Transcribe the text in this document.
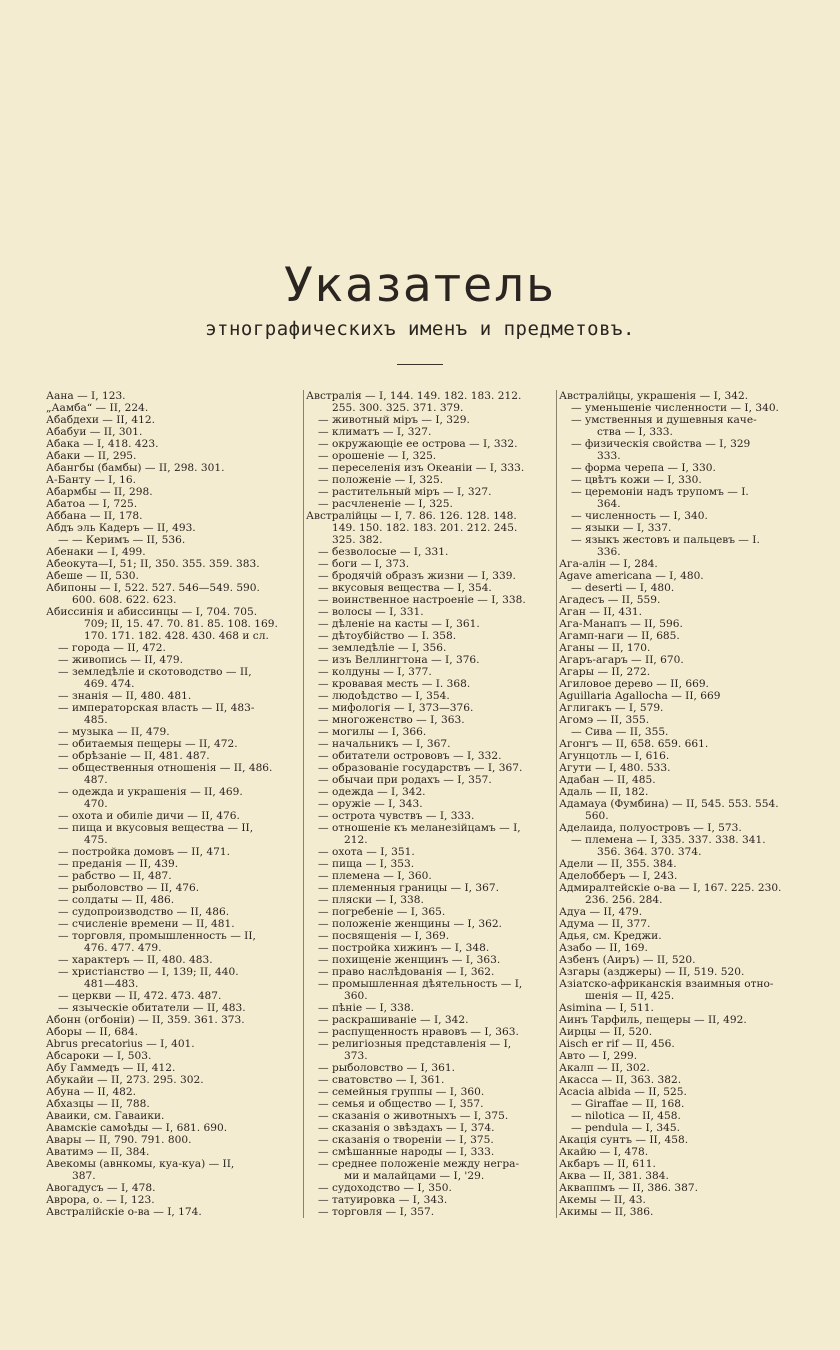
Указатель
этнографическихъ именъ и предметовъ.
Аана — I, 123.
„Аамба“ — II, 224.
Абабдехи — II, 412.
Абабуи — II, 301.
Абака — I, 418. 423.
Абаки — II, 295.
Абангбы (бамбы) — II, 298. 301.
А-Банту — I, 16.
Абармбы — II, 298.
Абатоа — I, 725.
Аббана — II, 178.
Абдъ эль Кадеръ — II, 493.
— — Керимъ — II, 536.
Абенаки — I, 499.
Абеокута—I, 51; II, 350. 355. 359. 383.
Абеше — II, 530.
Абипоны — I, 522. 527. 546—549. 590.
600. 608. 622. 623.
Абиссинія и абиссинцы — I, 704. 705.
709; II, 15. 47. 70. 81. 85. 108. 169.
170. 171. 182. 428. 430. 468 и сл.
— города — II, 472.
— живопись — II, 479.
— земледѣліе и скотоводство — II,
469. 474.
— знанія — II, 480. 481.
— императорская власть — II, 483-
485.
— музыка — II, 479.
— обитаемыя пещеры — II, 472.
— обрѣзаніе — II, 481. 487.
— общественныя отношенія — II, 486.
487.
— одежда и украшенія — II, 469.
470.
— охота и обиліе дичи — II, 476.
— пища и вкусовыя вещества — II,
475.
— постройка домовъ — II, 471.
— преданія — II, 439.
— рабство — II, 487.
— рыболовство — II, 476.
— солдаты — II, 486.
— судопроизводство — II, 486.
— счисленіе времени — II, 481.
— торговля, промышленность — II,
476. 477. 479.
— характеръ — II, 480. 483.
— христіанство — I, 139; II, 440.
481—483.
— церкви — II, 472. 473. 487.
— языческіе обитатели — II, 483.
Абонн (огбоніи) — II, 359. 361. 373.
Аборы — II, 684.
Abrus precatorius — I, 401.
Абсароки — I, 503.
Абу Гаммедъ — II, 412.
Абукайи — II, 273. 295. 302.
Абуна — II, 482.
Абхазцы — II, 788.
Аваики, см. Гаваики.
Авамскіе самоѣды — I, 681. 690.
Авары — II, 790. 791. 800.
Аватимэ — II, 384.
Авекомы (авнкомы, куа-куа) — II,
387.
Авогадусъ — I, 478.
Аврора, о. — I, 123.
Австралійскіе о-ва — I, 174.
Австралія — I, 144. 149. 182. 183. 212.
255. 300. 325. 371. 379.
— животный міръ — I, 329.
— климатъ — I, 327.
— окружающіе ее острова — I, 332.
— орошеніе — I, 325.
— переселенія изъ Океаніи — I, 333.
— положеніе — I, 325.
— растительный міръ — I, 327.
— расчлененіе — I, 325.
Австралійцы — I, 7. 86. 126. 128. 148.
149. 150. 182. 183. 201. 212. 245.
325. 382.
— безволосые — I, 331.
— боги — I, 373.
— бродячій образъ жизни — I, 339.
— вкусовыя вещества — I, 354.
— воинственное настроеніе — I, 338.
— волосы — I, 331.
— дѣленіе на касты — I, 361.
— дѣтоубійство — I. 358.
— земледѣліе — I, 356.
— изъ Веллингтона — I, 376.
— колдуны — I, 377.
— кровавая месть — I. 368.
— людоѣдство — I, 354.
— мифологія — I, 373—376.
— многоженство — I, 363.
— могилы — I, 366.
— начальникъ — I, 367.
— обитатели острововъ — I, 332.
— образованіе государствъ — I, 367.
— обычаи при родахъ — I, 357.
— одежда — I, 342.
— оружіе — I, 343.
— острота чувствъ — I, 333.
— отношеніе къ меланезійцамъ — I,
212.
— охота — I, 351.
— пища — I, 353.
— племена — I, 360.
— племенныя границы — I, 367.
— пляски — I, 338.
— погребеніе — I, 365.
— положеніе женщины — I, 362.
— посвященія — I, 369.
— постройка хижинъ — I, 348.
— похищеніе женщинъ — I, 363.
— право наслѣдованія — I, 362.
— промышленная дѣятельность — I,
360.
— пѣніе — I, 338.
— раскрашиваніе — I, 342.
— распущенность нравовъ — I, 363.
— религіозныя представленія — I,
373.
— рыболовство — I, 361.
— сватовство — I, 361.
— семейныя группы — I, 360.
— семья и общество — I, 357.
— сказанія о животныхъ — I, 375.
— сказанія о звѣздахъ — I, 374.
— сказанія о твореніи — I, 375.
— смѣшанные народы — I, 333.
— среднее положеніе между негра-
ми и малайцами — I, '29.
— судоходство — I, 350.
— татуировка — I, 343.
— торговля — I, 357.
Австралійцы, украшенія — I, 342.
— уменьшеніе численности — I, 340.
— умственныя и душевныя каче-
ства — I, 333.
— физическія свойства — I, 329
333.
— форма черепа — I, 330.
— цвѣтъ кожи — I, 330.
— церемоніи надъ трупомъ — I.
364.
— численность — I, 340.
— языки — I, 337.
— языкъ жестовъ и пальцевъ — I.
336.
Ага-алін — I, 284.
Agave americana — I, 480.
— deserti — I, 480.
Агадесъ — II, 559.
Аган — II, 431.
Ага-Манапъ — II, 596.
Агамп-наги — II, 685.
Аганы — II, 170.
Агаръ-агаръ — II, 670.
Агары — II, 272.
Агиловое дерево — II, 669.
Aguillaria Agallocha — II, 669
Аглигакъ — I, 579.
Агомэ — II, 355.
— Сива — II, 355.
Агонгъ — II, 658. 659. 661.
Агунцотль — I, 616.
Агути — I, 480. 533.
Адабан — II, 485.
Адаль — II, 182.
Адамауа (Фумбина) — II, 545. 553. 554.
560.
Аделаида, полуостровъ — I, 573.
— племена — I, 335. 337. 338. 341.
356. 364. 370. 374.
Адели — II, 355. 384.
Аделобберъ — I, 243.
Адмиралтейскіе о-ва — I, 167. 225. 230.
236. 256. 284.
Адуа — II, 479.
Адума — II, 377.
Адья, см. Креджи.
Азабо — II, 169.
Азбенъ (Аиръ) — II, 520.
Азгары (азджеры) — II, 519. 520.
Азіатско-африканскія взаимныя отно-
шенія — II, 425.
Asimina — I, 511.
Аинъ Тарфиль, пещеры — II, 492.
Аирцы — II, 520.
Aisch er rif — II, 456.
Авто — I, 299.
Акалп — II, 302.
Акасса — II, 363. 382.
Acacia albida — II, 525.
— Giraffae — II, 168.
— nilotica — II, 458.
— pendula — I, 345.
Акація сунтъ — II, 458.
Акайю — I, 478.
Акбаръ — II, 611.
Аква — II, 381. 384.
Акваппмъ — II, 386. 387.
Акемы — II, 43.
Акимы — II, 386.
